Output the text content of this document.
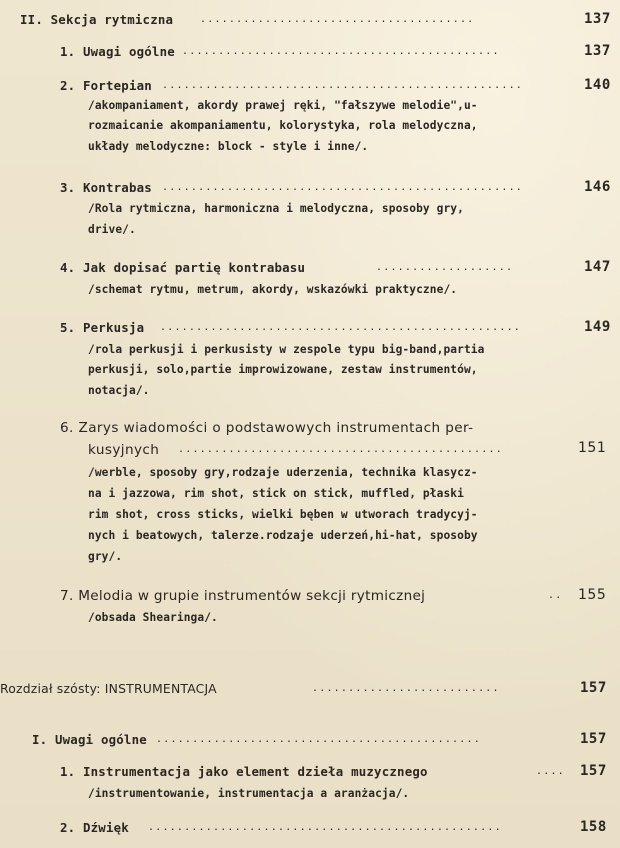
II. Sekcja rytmiczna	......................................	137
1. Uwagi ogólne ............................................	137
2. Fortepian ..................................................	140
/akompaniament, akordy prawej ręki, "fałszywe melodie",u-
rozmaicanie akompaniamentu, kolorystyka, rola melodyczna,
układy melodyczne: block - style i inne/.
3. Kontrabas ..................................................	146
/Rola rytmiczna, harmoniczna i melodyczna, sposoby gry,
drive/.
4. Jak dopisać partię kontrabasu	...................	147
/schemat rytmu, metrum, akordy, wskazówki praktyczne/.
5. Perkusja ..................................................	149
/rola perkusji i perkusisty w zespole typu big-band,partia
perkusji, solo,partie improwizowane, zestaw instrumentów,
notacja/.
6. Zarys wiadomości o podstawowych instrumentach per-
kusyjnych .............................................	151
/werble, sposoby gry,rodzaje uderzenia, technika klasycz-
na i jazzowa, rim shot, stick on stick, muffled, płaski
rim shot, cross sticks, wielki bęben w utworach tradycyj-
nych i beatowych, talerze.rodzaje uderzeń,hi-hat, sposoby
gry/.
7. Melodia w grupie instrumentów sekcji rytmicznej	..	155
/obsada Shearinga/.
Rozdział szósty: INSTRUMENTACJA	..........................	157
I. Uwagi ogólne .............................................	157
1. Instrumentacja jako element dzieła muzycznego	....	157
/instrumentowanie, instrumentacja a aranżacja/.
2. Dźwięk .................................................	158
